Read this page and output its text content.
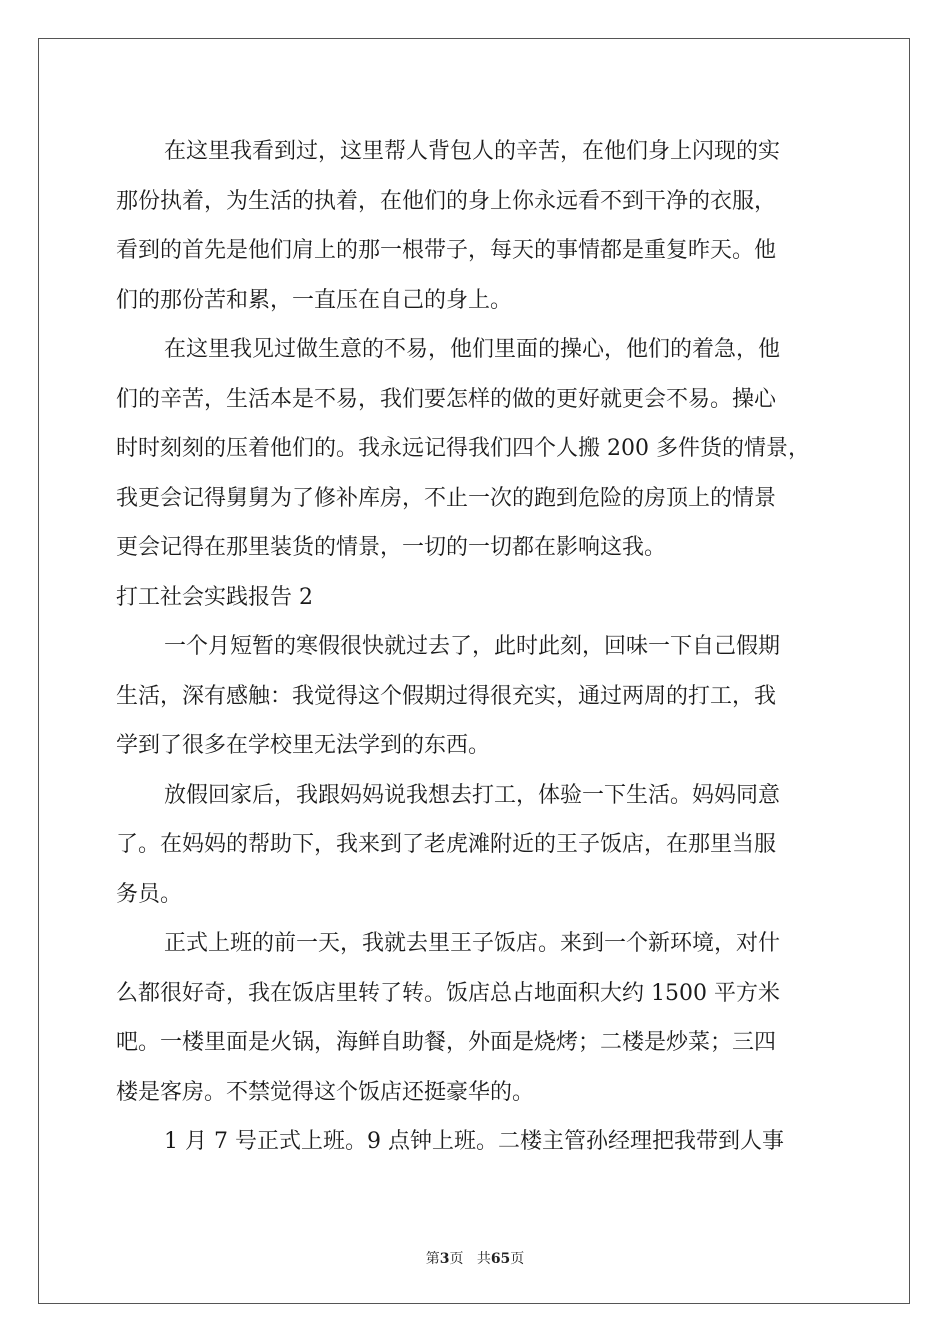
在这里我看到过，这里帮人背包人的辛苦，在他们身上闪现的实
那份执着，为生活的执着，在他们的身上你永远看不到干净的衣服，
看到的首先是他们肩上的那一根带子，每天的事情都是重复昨天。他
们的那份苦和累，一直压在自己的身上。
在这里我见过做生意的不易，他们里面的操心，他们的着急，他
们的辛苦，生活本是不易，我们要怎样的做的更好就更会不易。操心
时时刻刻的压着他们的。我永远记得我们四个人搬 200 多件货的情景，
我更会记得舅舅为了修补库房，不止一次的跑到危险的房顶上的情景
更会记得在那里装货的情景，一切的一切都在影响这我。
打工社会实践报告 2
一个月短暂的寒假很快就过去了，此时此刻，回味一下自己假期
生活，深有感触：我觉得这个假期过得很充实，通过两周的打工，我
学到了很多在学校里无法学到的东西。
放假回家后，我跟妈妈说我想去打工，体验一下生活。妈妈同意
了。在妈妈的帮助下，我来到了老虎滩附近的王子饭店，在那里当服
务员。
正式上班的前一天，我就去里王子饭店。来到一个新环境，对什
么都很好奇，我在饭店里转了转。饭店总占地面积大约 1500 平方米
吧。一楼里面是火锅，海鲜自助餐，外面是烧烤；二楼是炒菜；三四
楼是客房。不禁觉得这个饭店还挺豪华的。
1 月 7 号正式上班。9 点钟上班。二楼主管孙经理把我带到人事
第3页 共65页
